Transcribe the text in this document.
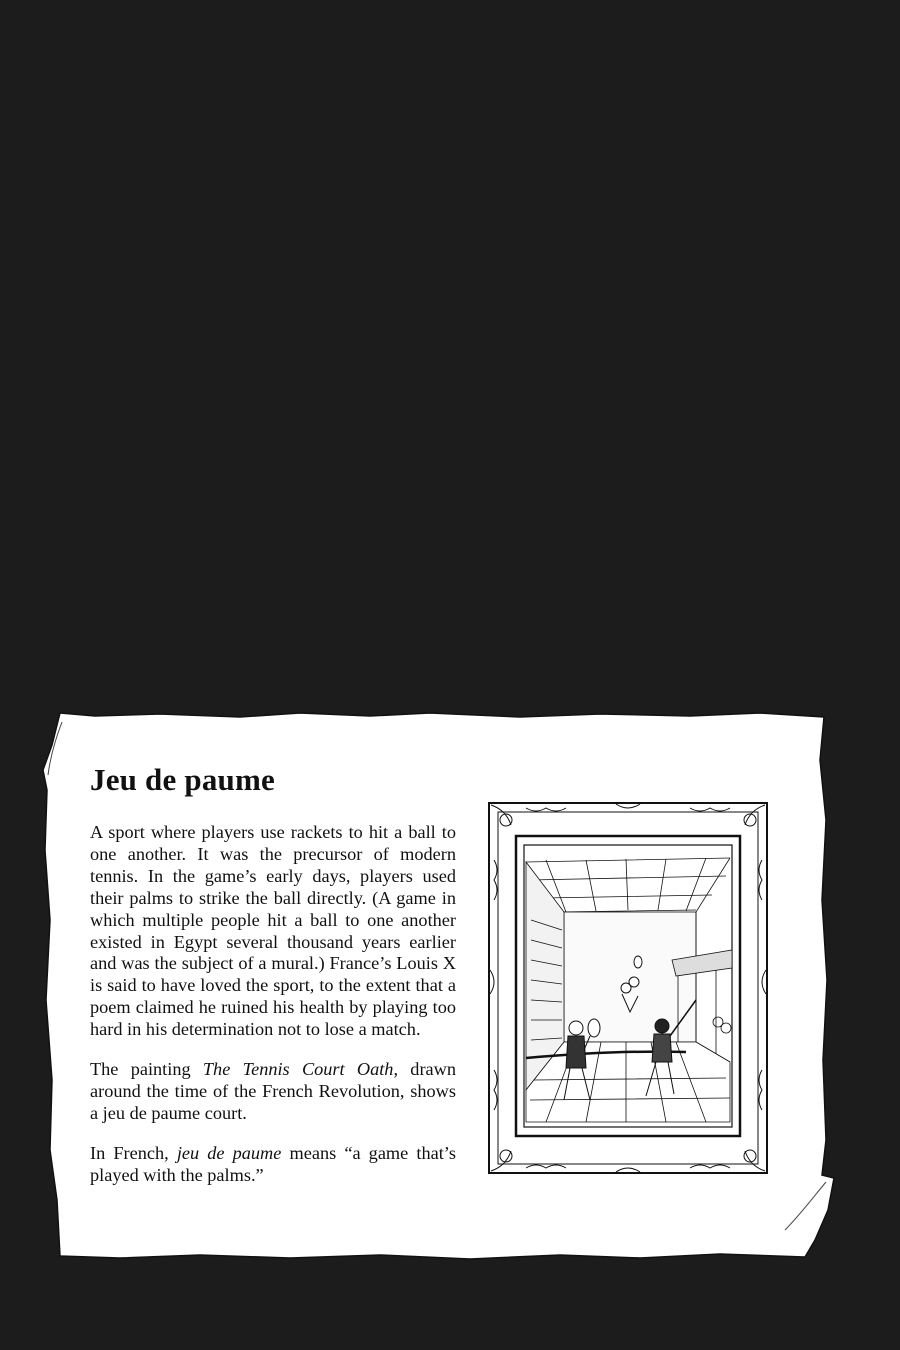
Jeu de paume

A sport where players use rackets to hit a ball to one another. It was the precursor of modern tennis. In the game’s early days, players used their palms to strike the ball directly. (A game in which multiple people hit a ball to one another existed in Egypt several thousand years earlier and was the subject of a mural.) France’s Louis X is said to have loved the sport, to the extent that a poem claimed he ruined his health by playing too hard in his determination not to lose a match.

The painting The Tennis Court Oath, drawn around the time of the French Revolution, shows a jeu de paume court.

In French, jeu de paume means “a game that’s played with the palms.”
